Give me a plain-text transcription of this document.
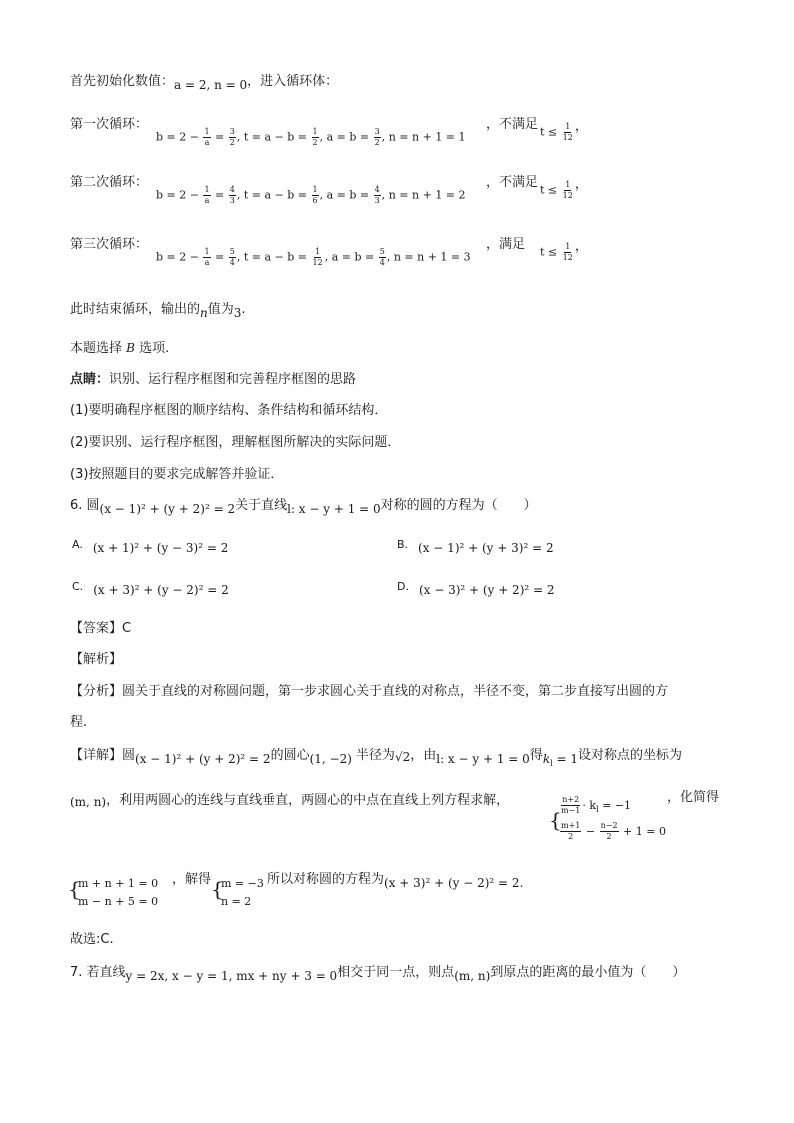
首先初始化数值：a = 2, n = 0，进入循环体：
第一次循环：
$b = 2 - \frac{1}{a} = \frac{3}{2}$ , $t = a - b = \frac{1}{2}$ , $a = b = \frac{3}{2}$ , n = n + 1 = 1
，不满足 $t \le \frac{1}{12}$ ，
第二次循环：
$b = 2 - \frac{1}{a} = \frac{4}{3}$ , $t = a - b = \frac{1}{6}$ , $a = b = \frac{4}{3}$ , n = n + 1 = 2
，不满足 $t \le \frac{1}{12}$ ，
第三次循环：
$b = 2 - \frac{1}{a} = \frac{5}{4}$ , $t = a - b = \frac{1}{12}$ , $a = b = \frac{5}{4}$ , n = n + 1 = 3
，满足 $t \le \frac{1}{12}$ ，
此时结束循环，输出的n值为3.
本题选择 B 选项.
点睛：识别、运行程序框图和完善程序框图的思路
(1)要明确程序框图的顺序结构、条件结构和循环结构．
(2)要识别、运行程序框图，理解框图所解决的实际问题．
(3)按照题目的要求完成解答并验证．
6. 圆(x − 1)² + (y + 2)² = 2关于直线l: x − y + 1 = 0对称的圆的方程为（　　）
$^{A.}$ (x + 1)² + (y − 3)² = 2	$^{B.}$ (x − 1)² + (y + 3)² = 2
$^{C.}$ (x + 3)² + (y − 2)² = 2	$^{D.}$ (x − 3)² + (y + 2)² = 2
【答案】C
【解析】
【分析】圆关于直线的对称圆问题，第一步求圆心关于直线的对称点，半径不变，第二步直接写出圆的方
程.
【详解】圆(x − 1)² + (y + 2)² = 2的圆心(1, −2) 半径为√2，由l: x − y + 1 = 0得$k_l = 1$设对称点的坐标为
(m, n)，利用两圆心的连线与直线垂直，两圆心的中点在直线上列方程求解，
{
$\frac{n+2}{m-1} \cdot k_l = -1$
$\frac{m+1}{2} - \frac{n-2}{2} + 1 = 0$
，化简得
{
m + n + 1 = 0
m − n + 5 = 0
，解得 {
m = −3
n = 2
所以对称圆的方程为(x + 3)² + (y − 2)² = 2.
故选:C.
7. 若直线y = 2x, x − y = 1, mx + ny + 3 = 0相交于同一点，则点(m, n)到原点的距离的最小值为（　　）
